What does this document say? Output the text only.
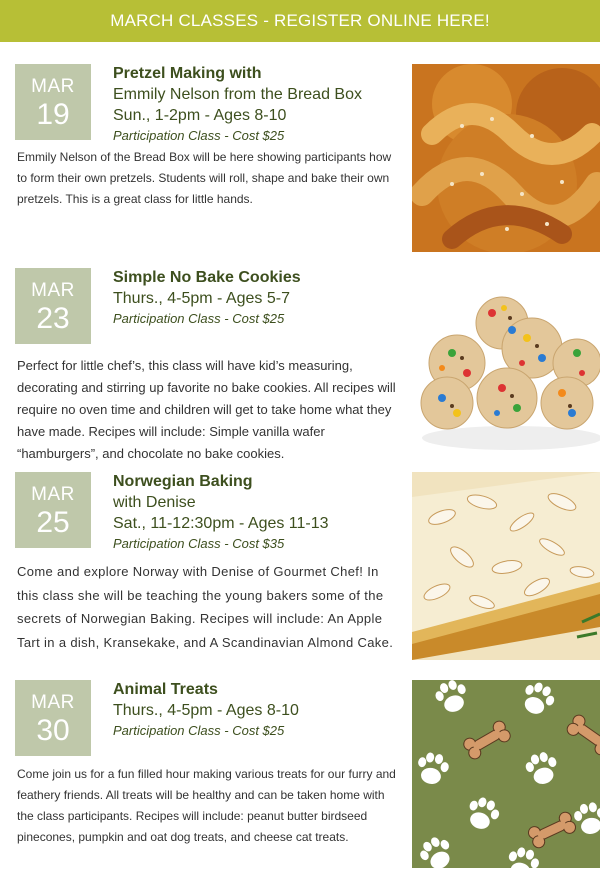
MARCH CLASSES - REGISTER ONLINE HERE!
MAR
19
Pretzel Making with
Emmily Nelson from the Bread Box
Sun., 1-2pm - Ages 8-10
Participation Class - Cost $25
Emmily Nelson of the Bread Box will be here showing participants how to form their own pretzels. Students will roll, shape and bake their own pretzels. This is a great class for little hands.
MAR
23
Simple No Bake Cookies
Thurs., 4-5pm - Ages 5-7
Participation Class - Cost $25
Perfect for little chef’s, this class will have kid’s measuring, decorating and stirring up favorite no bake cookies. All recipes will require no oven time and children will get to take home what they have made. Recipes will include: Simple vanilla wafer “hamburgers”, and chocolate no bake cookies.
MAR
25
Norwegian Baking
with Denise
Sat., 11-12:30pm - Ages 11-13
Participation Class - Cost $35
Come and explore Norway with Denise of Gourmet Chef! In this class she will be teaching the young bakers some of the secrets of Norwegian Baking. Recipes will include: An Apple Tart in a dish, Kransekake, and A Scandinavian Almond Cake.
MAR
30
Animal Treats
Thurs., 4-5pm - Ages 8-10
Participation Class - Cost $25
Come join us for a fun filled hour making various treats for our furry and feathery friends. All treats will be healthy and can be taken home with the class participants. Recipes will include: peanut butter birdseed pinecones, pumpkin and oat dog treats, and cheese cat treats.
